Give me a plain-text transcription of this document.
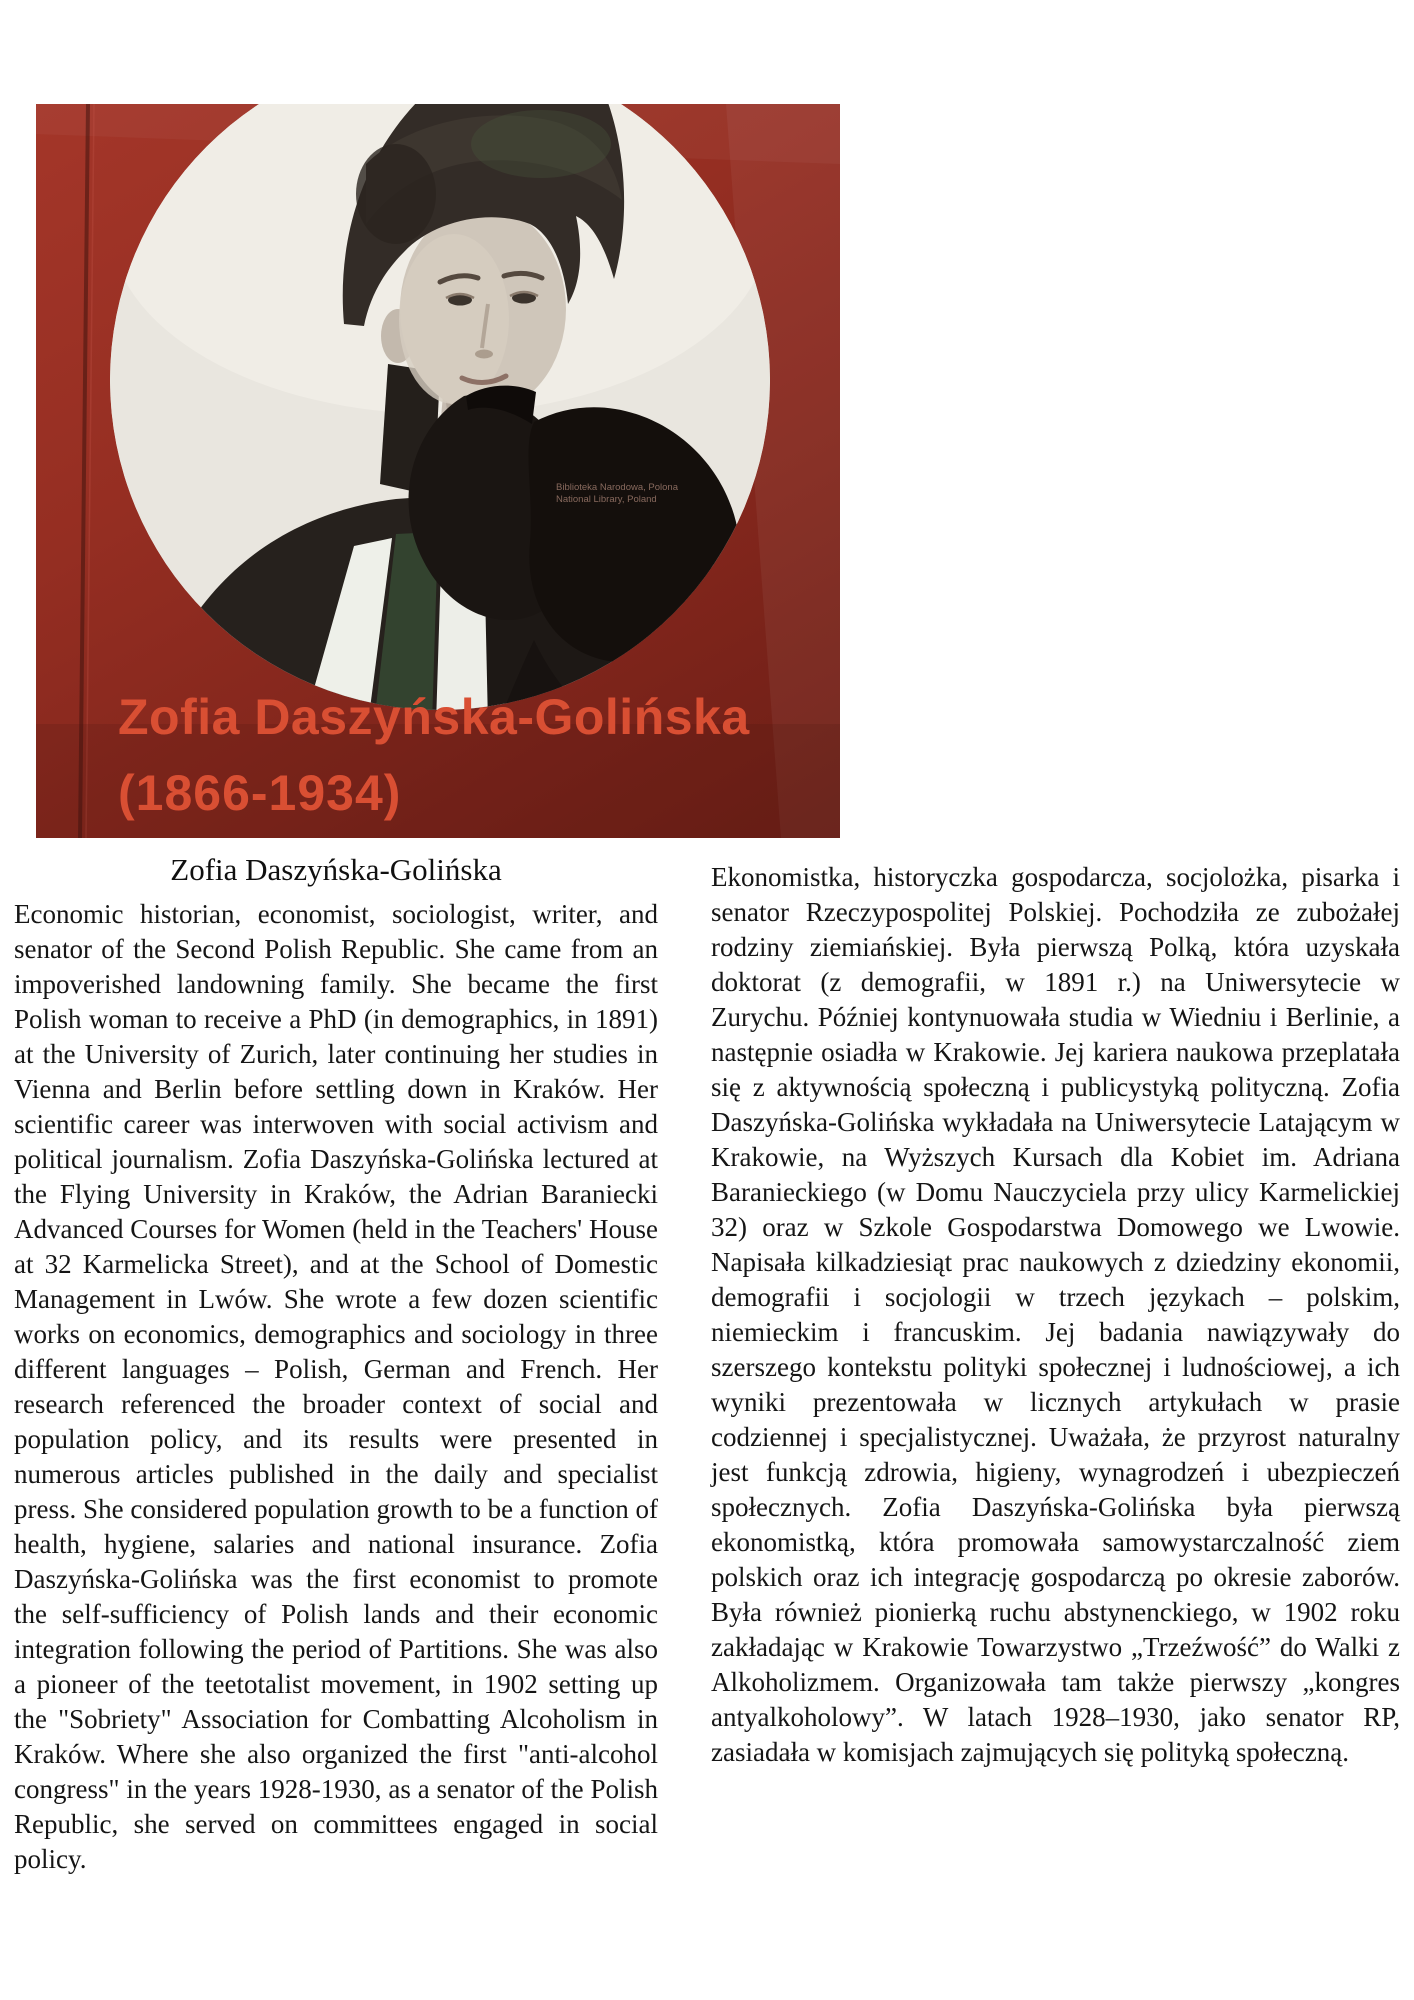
Biblioteka Narodowa, Polona
National Library, Poland
Zofia Daszyńska-Golińska
(1866-1934)
Zofia Daszyńska-Golińska

Economic historian, economist, sociologist, writer, and senator of the Second Polish Republic. She came from an impoverished landowning family. She became the first Polish woman to receive a PhD (in demographics, in 1891) at the University of Zurich, later continuing her studies in Vienna and Berlin before settling down in Kraków. Her scientific career was interwoven with social activism and political journalism. Zofia Daszyńska-Golińska lectured at the Flying University in Kraków, the Adrian Baraniecki Advanced Courses for Women (held in the Teachers' House at 32 Karmelicka Street), and at the School of Domestic Management in Lwów. She wrote a few dozen scientific works on economics, demographics and sociology in three different languages – Polish, German and French. Her research referenced the broader context of social and population policy, and its results were presented in numerous articles published in the daily and specialist press. She considered population growth to be a function of health, hygiene, salaries and national insurance. Zofia Daszyńska-Golińska was the first economist to promote the self-sufficiency of Polish lands and their economic integration following the period of Partitions. She was also a pioneer of the teetotalist movement, in 1902 setting up the "Sobriety" Association for Combatting Alcoholism in Kraków. Where she also organized the first "anti-alcohol congress" in the years 1928-1930, as a senator of the Polish Republic, she served on committees engaged in social policy.

Ekonomistka, historyczka gospodarcza, socjolożka, pisarka i senator Rzeczypospolitej Polskiej. Pochodziła ze zubożałej rodziny ziemiańskiej. Była pierwszą Polką, która uzyskała doktorat (z demografii, w 1891 r.) na Uniwersytecie w Zurychu. Później kontynuowała studia w Wiedniu i Berlinie, a następnie osiadła w Krakowie. Jej kariera naukowa przeplatała się z aktywnością społeczną i publicystyką polityczną. Zofia Daszyńska-Golińska wykładała na Uniwersytecie Latającym w Krakowie, na Wyższych Kursach dla Kobiet im. Adriana Baranieckiego (w Domu Nauczyciela przy ulicy Karmelickiej 32) oraz w Szkole Gospodarstwa Domowego we Lwowie. Napisała kilkadziesiąt prac naukowych z dziedziny ekonomii, demografii i socjologii w trzech językach – polskim, niemieckim i francuskim. Jej badania nawiązywały do szerszego kontekstu polityki społecznej i ludnościowej, a ich wyniki prezentowała w licznych artykułach w prasie codziennej i specjalistycznej. Uważała, że przyrost naturalny jest funkcją zdrowia, higieny, wynagrodzeń i ubezpieczeń społecznych. Zofia Daszyńska-Golińska była pierwszą ekonomistką, która promowała samowystarczalność ziem polskich oraz ich integrację gospodarczą po okresie zaborów. Była również pionierką ruchu abstynenckiego, w 1902 roku zakładając w Krakowie Towarzystwo „Trzeźwość” do Walki z Alkoholizmem. Organizowała tam także pierwszy „kongres antyalkoholowy”. W latach 1928–1930, jako senator RP, zasiadała w komisjach zajmujących się polityką społeczną.
